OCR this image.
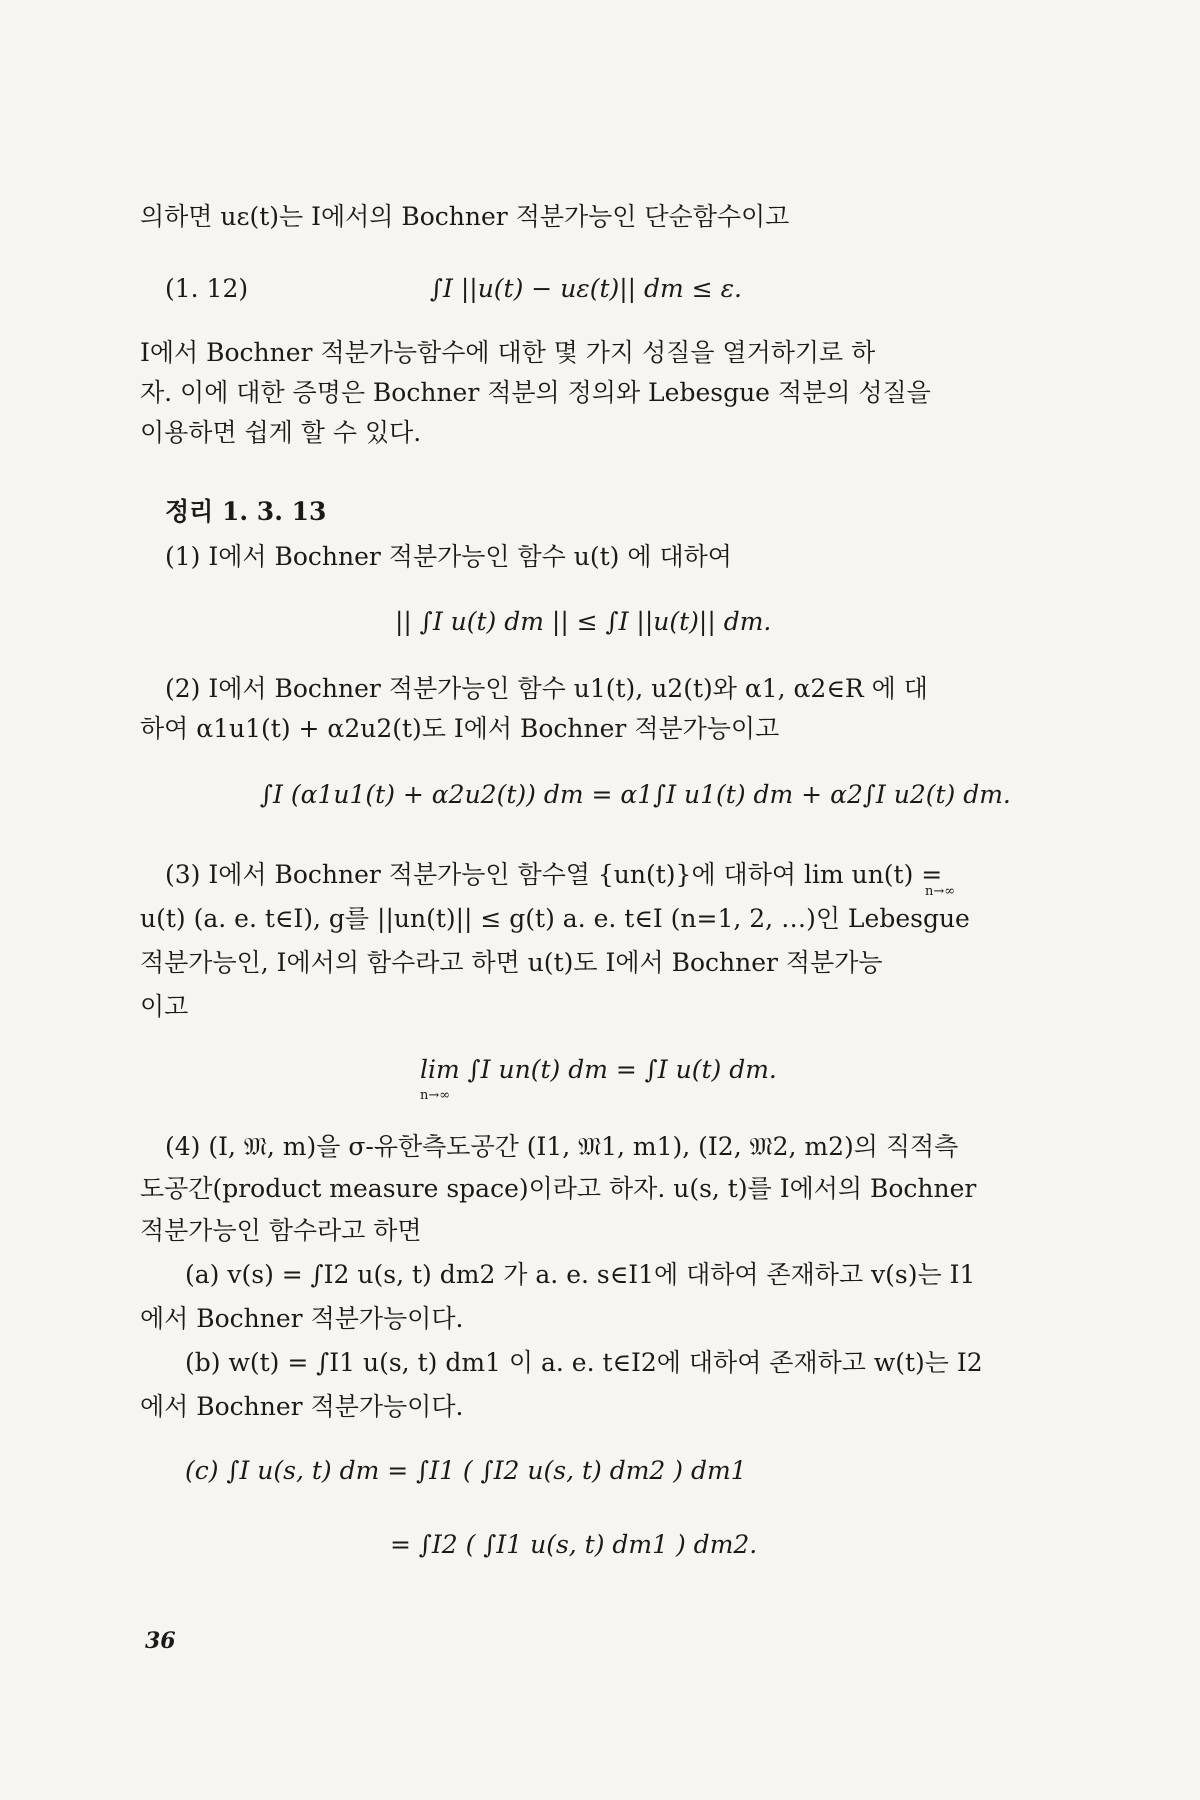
의하면 uε(t)는 I에서의 Bochner 적분가능인 단순함수이고
(1. 12)	∫I ||u(t) − uε(t)|| dm ≤ ε.
I에서 Bochner 적분가능함수에 대한 몇 가지 성질을 열거하기로 하
자. 이에 대한 증명은 Bochner 적분의 정의와 Lebesgue 적분의 성질을
이용하면 쉽게 할 수 있다.
정리 1. 3. 13
(1) I에서 Bochner 적분가능인 함수 u(t) 에 대하여
|| ∫I u(t) dm || ≤ ∫I ||u(t)|| dm.
(2) I에서 Bochner 적분가능인 함수 u1(t), u2(t)와 α1, α2∈R 에 대
하여 α1u1(t) + α2u2(t)도 I에서 Bochner 적분가능이고
∫I (α1u1(t) + α2u2(t)) dm = α1∫I u1(t) dm + α2∫I u2(t) dm.
(3) I에서 Bochner 적분가능인 함수열 {un(t)}에 대하여 lim un(t) =
n→∞
u(t) (a. e. t∈I), g를 ||un(t)|| ≤ g(t) a. e. t∈I (n=1, 2, …)인 Lebesgue
적분가능인, I에서의 함수라고 하면 u(t)도 I에서 Bochner 적분가능
이고
lim ∫I un(t) dm = ∫I u(t) dm.
n→∞
(4) (I, 𝔐, m)을 σ-유한측도공간 (I1, 𝔐1, m1), (I2, 𝔐2, m2)의 직적측
도공간(product measure space)이라고 하자. u(s, t)를 I에서의 Bochner
적분가능인 함수라고 하면
(a) v(s) = ∫I2 u(s, t) dm2 가 a. e. s∈I1에 대하여 존재하고 v(s)는 I1
에서 Bochner 적분가능이다.
(b) w(t) = ∫I1 u(s, t) dm1 이 a. e. t∈I2에 대하여 존재하고 w(t)는 I2
에서 Bochner 적분가능이다.
(c) ∫I u(s, t) dm = ∫I1 ( ∫I2 u(s, t) dm2 ) dm1
= ∫I2 ( ∫I1 u(s, t) dm1 ) dm2.
36
